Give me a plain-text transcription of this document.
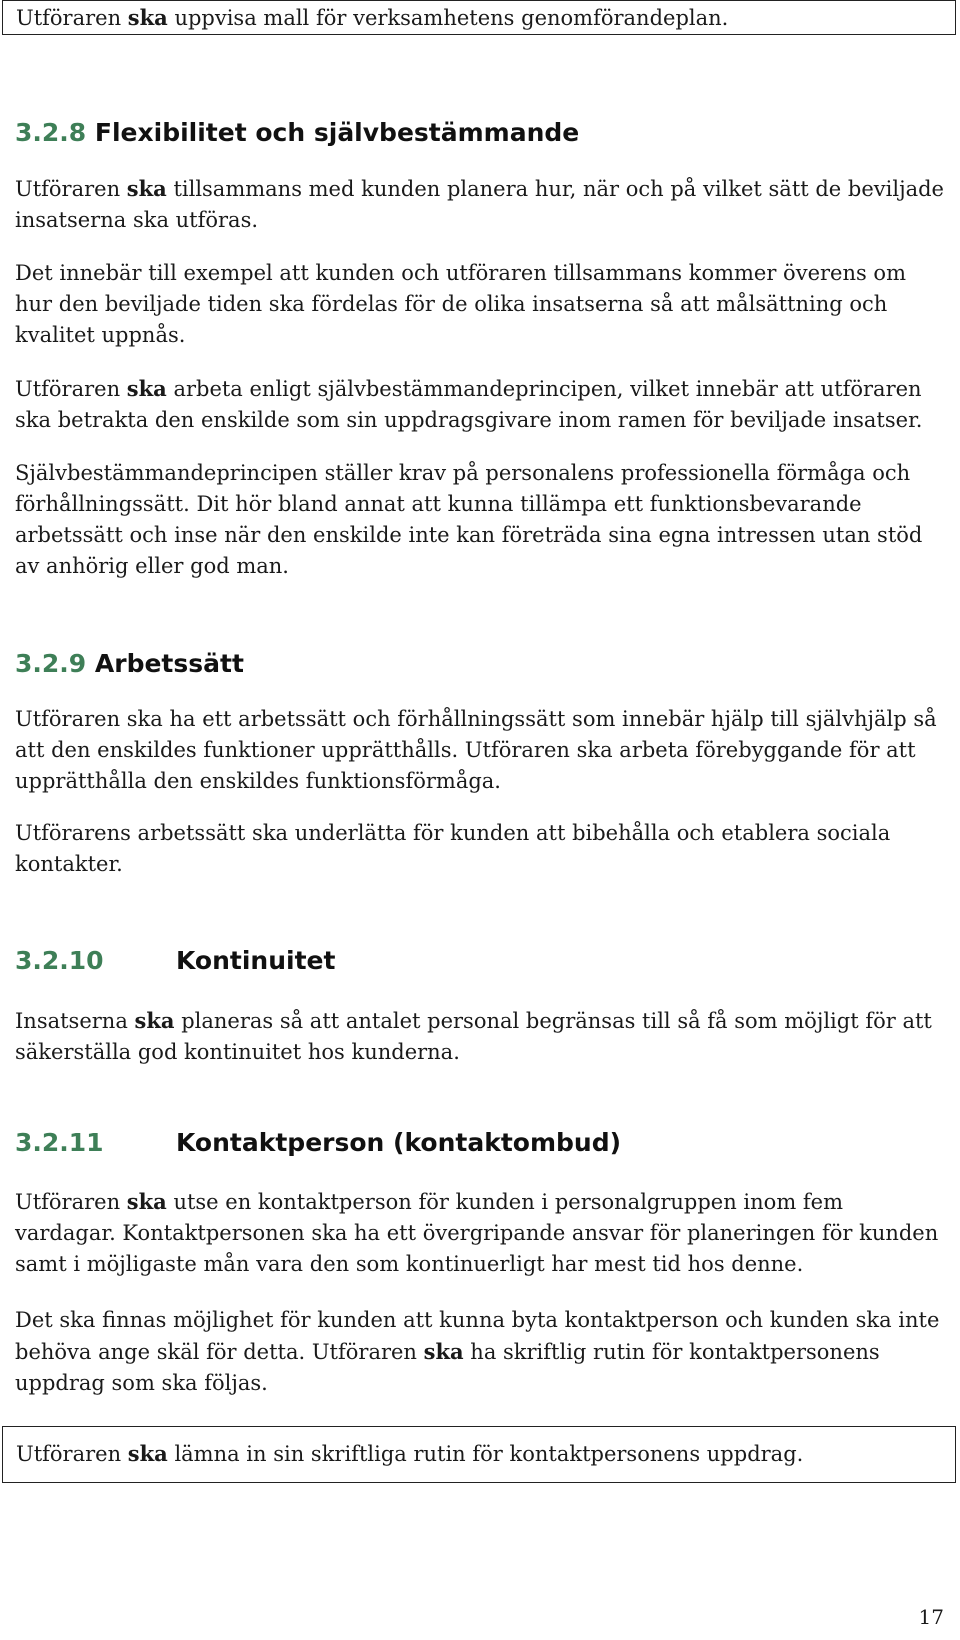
Utföraren ska uppvisa mall för verksamhetens genomförandeplan.
3.2.8 Flexibilitet och självbestämmande

Utföraren ska tillsammans med kunden planera hur, när och på vilket sätt de beviljade insatserna ska utföras.

Det innebär till exempel att kunden och utföraren tillsammans kommer överens om hur den beviljade tiden ska fördelas för de olika insatserna så att målsättning och kvalitet uppnås.

Utföraren ska arbeta enligt självbestämmandeprincipen, vilket innebär att utföraren ska betrakta den enskilde som sin uppdragsgivare inom ramen för beviljade insatser.

Självbestämmandeprincipen ställer krav på personalens professionella förmåga och förhållningssätt. Dit hör bland annat att kunna tillämpa ett funktionsbevarande arbetssätt och inse när den enskilde inte kan företräda sina egna intressen utan stöd av anhörig eller god man.

3.2.9 Arbetssätt

Utföraren ska ha ett arbetssätt och förhållningssätt som innebär hjälp till självhjälp så att den enskildes funktioner upprätthålls. Utföraren ska arbeta förebyggande för att upprätthålla den enskildes funktionsförmåga.

Utförarens arbetssätt ska underlätta för kunden att bibehålla och etablera sociala kontakter.

3.2.10	Kontinuitet

Insatserna ska planeras så att antalet personal begränsas till så få som möjligt för att säkerställa god kontinuitet hos kunderna.

3.2.11	Kontaktperson (kontaktombud)

Utföraren ska utse en kontaktperson för kunden i personalgruppen inom fem vardagar. Kontaktpersonen ska ha ett övergripande ansvar för planeringen för kunden samt i möjligaste mån vara den som kontinuerligt har mest tid hos denne.

Det ska finnas möjlighet för kunden att kunna byta kontaktperson och kunden ska inte behöva ange skäl för detta. Utföraren ska ha skriftlig rutin för kontaktpersonens uppdrag som ska följas.

Utföraren ska lämna in sin skriftliga rutin för kontaktpersonens uppdrag.
17
